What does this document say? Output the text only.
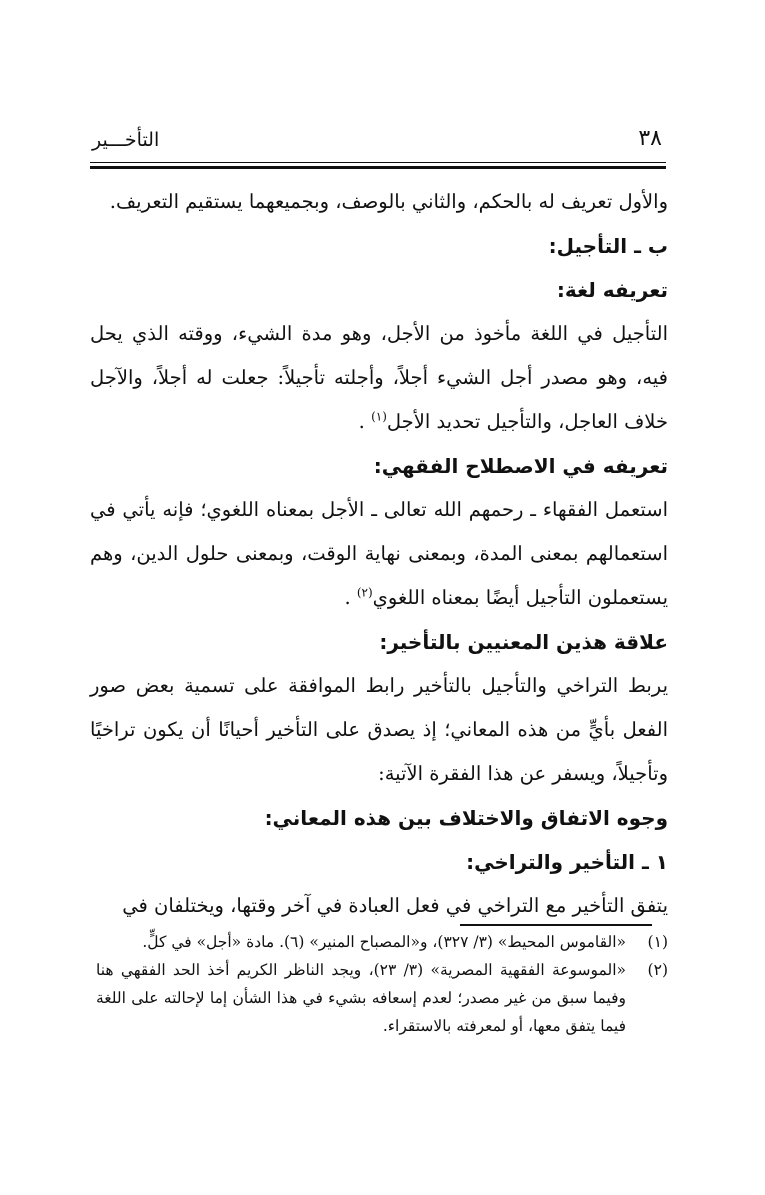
٣٨
التأخـــير

والأول تعريف له بالحكم، والثاني بالوصف، وبجميعهما يستقيم التعريف.

ب ـ التأجيل:

تعريفه لغة:

التأجيل في اللغة مأخوذ من الأجل، وهو مدة الشيء، ووقته الذي يحل فيه، وهو مصدر أجل الشيء أجلاً، وأجلته تأجيلاً: جعلت له أجلاً، والآجل خلاف العاجل، والتأجيل تحديد الأجل$^{(١)}$ .

تعريفه في الاصطلاح الفقهي:

استعمل الفقهاء ـ رحمهم الله تعالى ـ الأجل بمعناه اللغوي؛ فإنه يأتي في استعمالهم بمعنى المدة، وبمعنى نهاية الوقت، وبمعنى حلول الدين، وهم يستعملون التأجيل أيضًا بمعناه اللغوي$^{(٢)}$ .

علاقة هذين المعنيين بالتأخير:

يربط التراخي والتأجيل بالتأخير رابط الموافقة على تسمية بعض صور الفعل بأيٍّ من هذه المعاني؛ إذ يصدق على التأخير أحيانًا أن يكون تراخيًا وتأجيلاً، ويسفر عن هذا الفقرة الآتية:

وجوه الاتفاق والاختلاف بين هذه المعاني:

١ ـ التأخير والتراخي:

يتفق التأخير مع التراخي في فعل العبادة في آخر وقتها، ويختلفان في

(١)
«القاموس المحيط» (٣/ ٣٢٧)، و«المصباح المنير» (٦). مادة «أجل» في كلٍّ.

(٢)
«الموسوعة الفقهية المصرية» (٣/ ٢٣)، ويجد الناظر الكريم أخذ الحد الفقهي هنا وفيما سبق من غير مصدر؛ لعدم إسعافه بشيء في هذا الشأن إما لإحالته على اللغة فيما يتفق معها، أو لمعرفته بالاستقراء.
